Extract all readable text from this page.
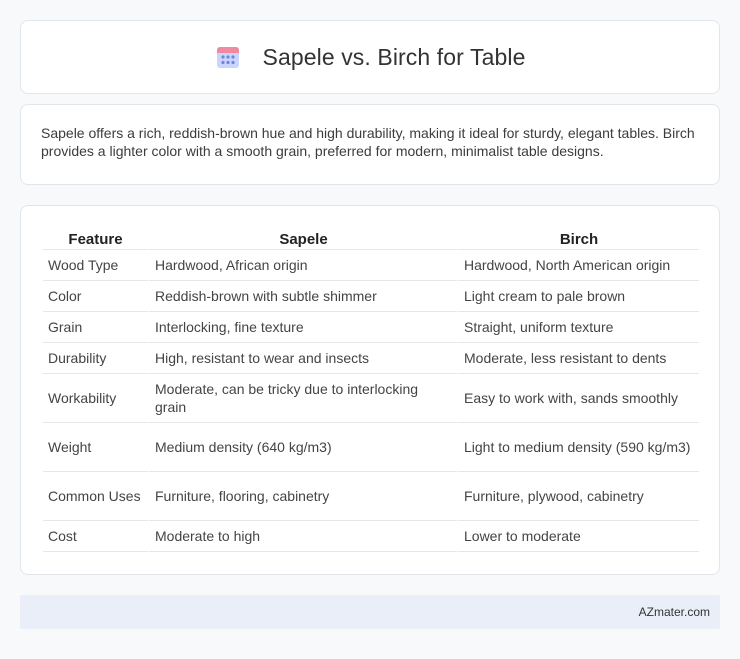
Sapele vs. Birch for Table

Sapele offers a rich, reddish-brown hue and high durability, making it ideal for sturdy, elegant tables. Birch provides a lighter color with a smooth grain, preferred for modern, minimalist table designs.

Feature	Sapele	Birch
Wood Type	Hardwood, African origin	Hardwood, North American origin
Color	Reddish-brown with subtle shimmer	Light cream to pale brown
Grain	Interlocking, fine texture	Straight, uniform texture
Durability	High, resistant to wear and insects	Moderate, less resistant to dents
Workability	Moderate, can be tricky due to interlocking grain	Easy to work with, sands smoothly
Weight	Medium density (640 kg/m3)	Light to medium density (590 kg/m3)
Common Uses	Furniture, flooring, cabinetry	Furniture, plywood, cabinetry
Cost	Moderate to high	Lower to moderate
AZmater.com
